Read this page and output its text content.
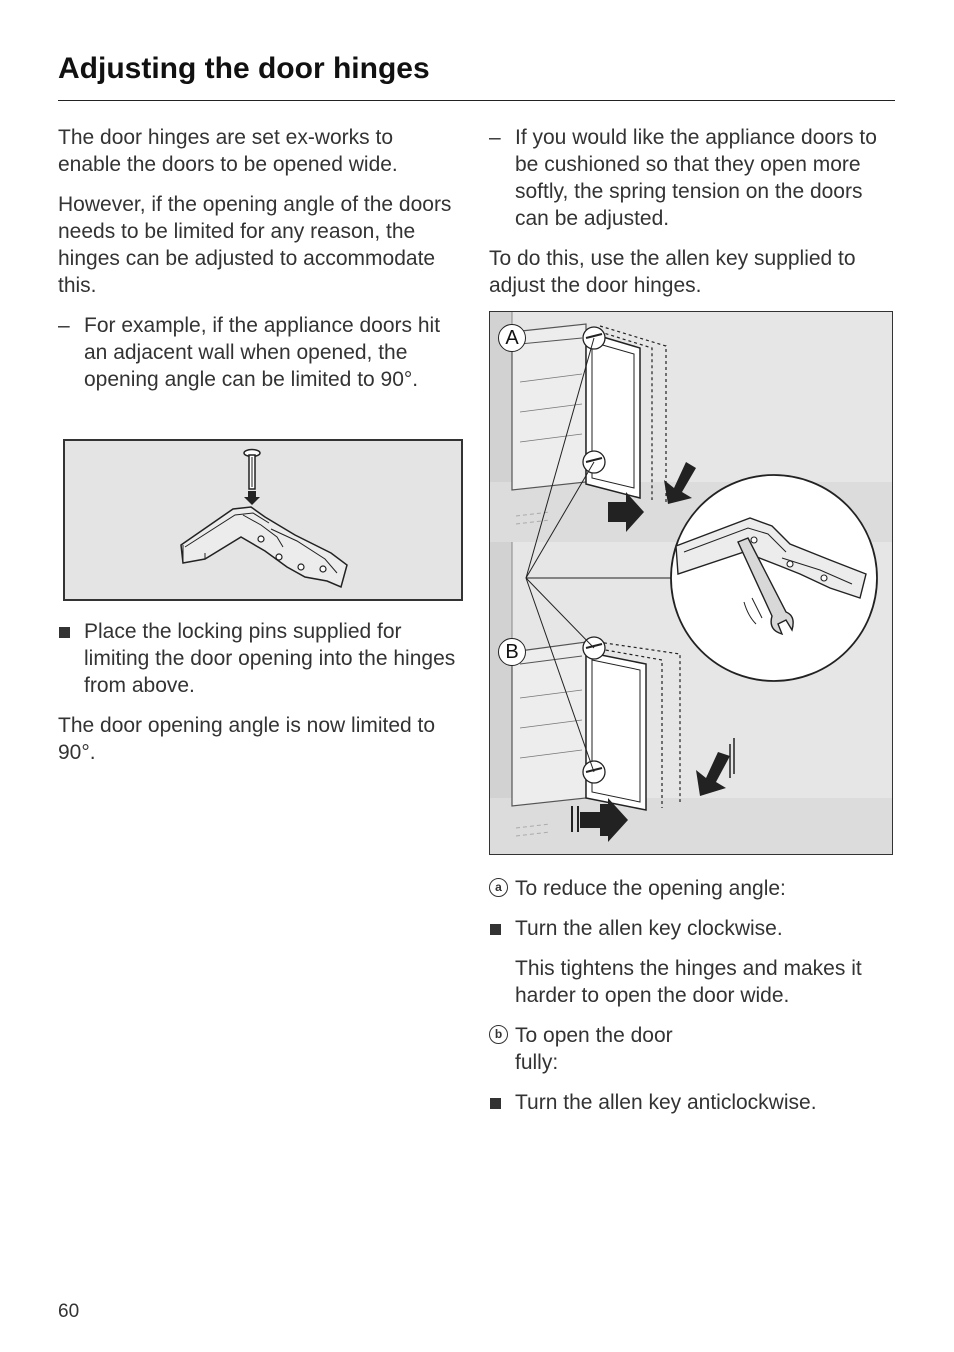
Adjusting the door hinges

The door hinges are set ex-works to enable the doors to be opened wide.

However, if the opening angle of the doors needs to be limited for any reason, the hinges can be adjusted to accommodate this.

– For example, if the appliance doors hit an adjacent wall when opened, the opening angle can be limited to 90°.

Place the locking pins supplied for limiting the door opening into the hinges from above.

The door opening angle is now limited to 90°.

– If you would like the appliance doors to be cushioned so that they open more softly, the spring tension on the doors can be adjusted.

To do this, use the allen key supplied to adjust the door hinges.

A
B

a To reduce the opening angle:

Turn the allen key clockwise.

This tightens the hinges and makes it harder to open the door wide.

b To open the door
fully:

Turn the allen key anticlockwise.

60
